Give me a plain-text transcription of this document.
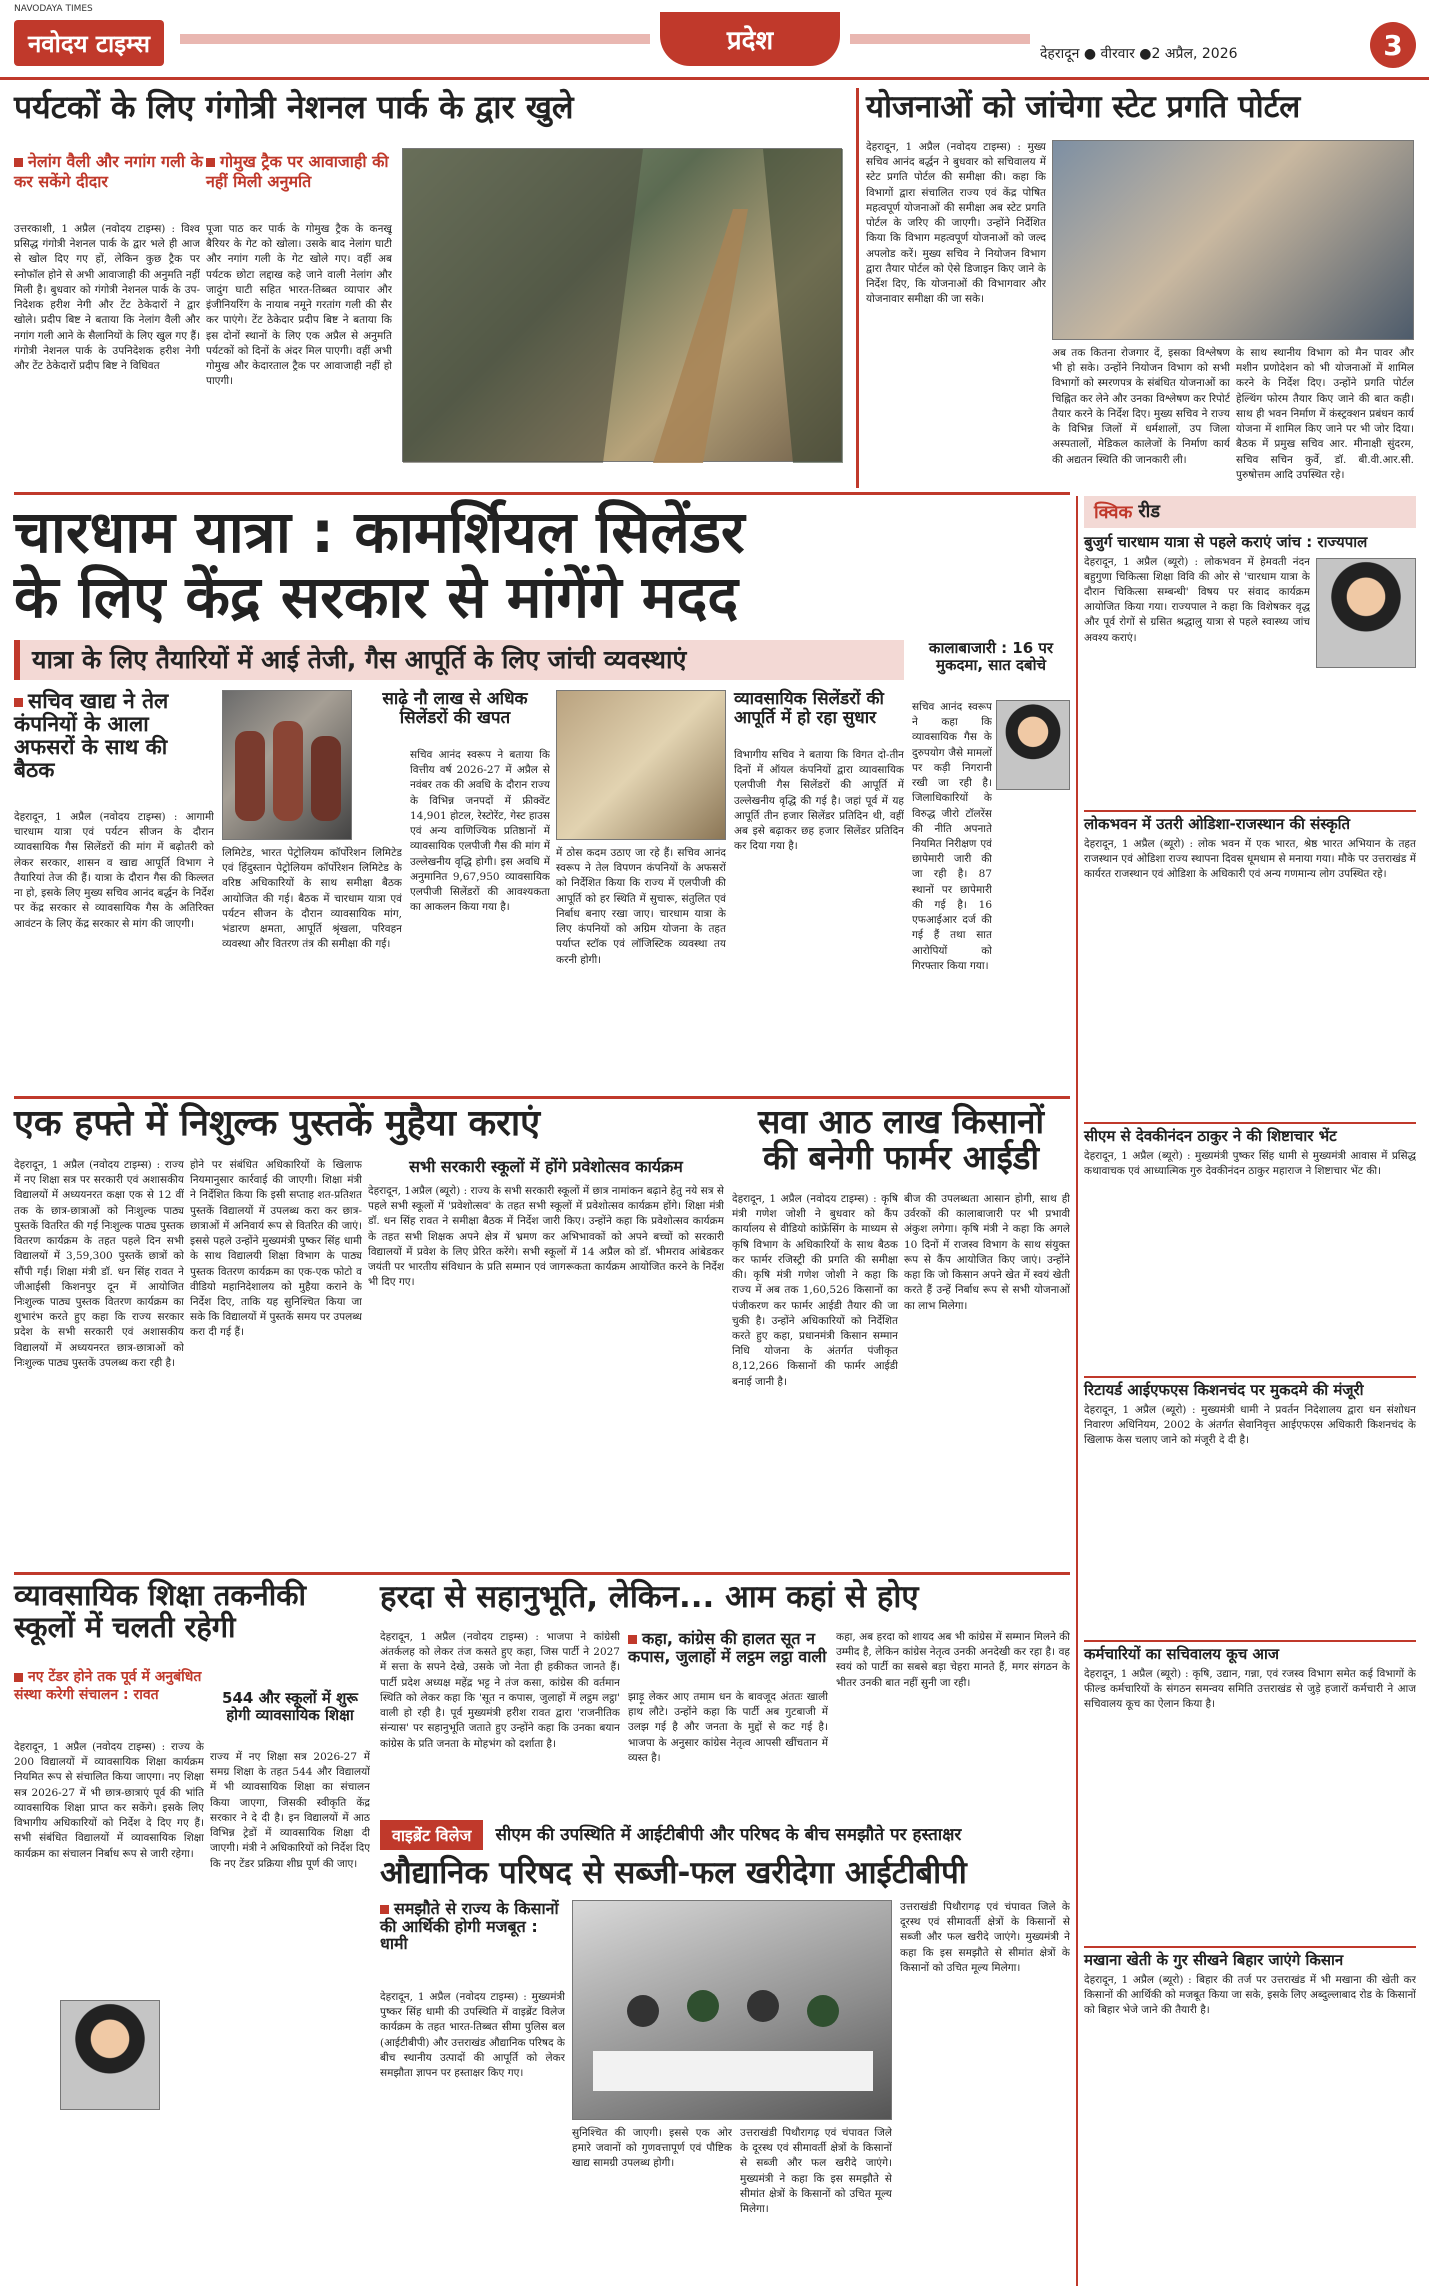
NAVODAYA TIMES
नवोदय टाइम्स	प्रदेश	देहरादून ● वीरवार ●2 अप्रैल, 2026	3
पर्यटकों के लिए गंगोत्री नेशनल पार्क के द्वार खुले
नेलांग वैली और नगांग गली के कर सकेंगे दीदार
गोमुख ट्रैक पर आवाजाही की नहीं मिली अनुमति
उत्तरकाशी, 1 अप्रैल (नवोदय टाइम्स) : विश्व प्रसिद्ध गंगोत्री नेशनल पार्क के द्वार भले ही आज से खोल दिए गए हों, लेकिन कुछ ट्रैक पर स्नोफॉल होने से अभी आवाजाही की अनुमति नहीं मिली है। बुधवार को गंगोत्री नेशनल पार्क के उप-निदेशक हरीश नेगी और टेंट ठेकेदारों ने द्वार खोले। प्रदीप बिष्ट ने बताया कि नेलांग वैली और नगांग गली आने के सैलानियों के लिए खुल गए हैं। गंगोत्री नेशनल पार्क के उपनिदेशक हरीश नेगी और टेंट ठेकेदारों प्रदीप बिष्ट ने विधिवत
पूजा पाठ कर पार्क के गोमुख ट्रैक के कनखू बैरियर के गेट को खोला। उसके बाद नेलांग घाटी और नगांग गली के गेट खोले गए। वहीं अब पर्यटक छोटा लद्दाख कहे जाने वाली नेलांग और जादुंग घाटी सहित भारत-तिब्बत व्यापार और इंजीनियरिंग के नायाब नमूने गरतांग गली की सैर कर पाएंगे। टेंट ठेकेदार प्रदीप बिष्ट ने बताया कि इस दोनों स्थानों के लिए एक अप्रैल से अनुमति पर्यटकों को दिनों के अंदर मिल पाएगी। वहीं अभी गोमुख और केदारताल ट्रैक पर आवाजाही नहीं हो पाएगी।
योजनाओं को जांचेगा स्टेट प्रगति पोर्टल
देहरादून, 1 अप्रैल (नवोदय टाइम्स) : मुख्य सचिव आनंद बर्द्धन ने बुधवार को सचिवालय में स्टेट प्रगति पोर्टल की समीक्षा की। कहा कि विभागों द्वारा संचालित राज्य एवं केंद्र पोषित महत्वपूर्ण योजनाओं की समीक्षा अब स्टेट प्रगति पोर्टल के जरिए की जाएगी। उन्होंने निर्देशित किया कि विभाग महत्वपूर्ण योजनाओं को जल्द अपलोड करें। मुख्य सचिव ने नियोजन विभाग द्वारा तैयार पोर्टल को ऐसे डिजाइन किए जाने के निर्देश दिए, कि योजनाओं की विभागवार और योजनावार समीक्षा की जा सके।
अब तक कितना रोजगार दें, इसका विश्लेषण भी हो सके। उन्होंने नियोजन विभाग को सभी विभागों को स्मरणपत्र के संबंधित योजनाओं का चिह्नित कर लेने और उनका विश्लेषण कर रिपोर्ट तैयार करने के निर्देश दिए। मुख्य सचिव ने राज्य के विभिन्न जिलों में धर्मशालों, उप जिला अस्पतालों, मेडिकल कालेजों के निर्माण कार्य की अद्यतन स्थिति की जानकारी ली।
के साथ स्थानीय विभाग को मैन पावर और मशीन प्रणोदेशन को भी योजनाओं में शामिल करने के निर्देश दिए। उन्होंने प्रगति पोर्टल हेल्थिंग फोरम तैयार किए जाने की बात कही। साथ ही भवन निर्माण में कंस्ट्रक्शन प्रबंधन कार्य योजना में शामिल किए जाने पर भी जोर दिया। बैठक में प्रमुख सचिव आर. मीनाक्षी सुंदरम, सचिव सचिन कुर्वे, डॉ. बी.वी.आर.सी. पुरुषोत्तम आदि उपस्थित रहे।
चारधाम यात्रा : कामर्शियल सिलेंडर
के लिए केंद्र सरकार से मांगेंगे मदद
यात्रा के लिए तैयारियों में आई तेजी, गैस आपूर्ति के लिए जांची व्यवस्थाएं	कालाबाजारी : 16 पर मुकदमा, सात दबोचे
सचिव खाद्य ने तेल कंपनियों के आला अफसरों के साथ की बैठक
देहरादून, 1 अप्रैल (नवोदय टाइम्स) : आगामी चारधाम यात्रा एवं पर्यटन सीजन के दौरान व्यावसायिक गैस सिलेंडरों की मांग में बढ़ोतरी को लेकर सरकार, शासन व खाद्य आपूर्ति विभाग ने तैयारियां तेज की हैं। यात्रा के दौरान गैस की किल्लत ना हो, इसके लिए मुख्य सचिव आनंद बर्द्धन के निर्देश पर केंद्र सरकार से व्यावसायिक गैस के अतिरिक्त आवंटन के लिए केंद्र सरकार से मांग की जाएगी।
लिमिटेड, भारत पेट्रोलियम कॉर्पोरेशन लिमिटेड एवं हिंदुस्तान पेट्रोलियम कॉर्पोरेशन लिमिटेड के वरिष्ठ अधिकारियों के साथ समीक्षा बैठक आयोजित की गई। बैठक में चारधाम यात्रा एवं पर्यटन सीजन के दौरान व्यावसायिक मांग, भंडारण क्षमता, आपूर्ति श्रृंखला, परिवहन व्यवस्था और वितरण तंत्र की समीक्षा की गई।
साढ़े नौ लाख से अधिक सिलेंडरों की खपत
सचिव आनंद स्वरूप ने बताया कि वित्तीय वर्ष 2026-27 में अप्रैल से नवंबर तक की अवधि के दौरान राज्य के विभिन्न जनपदों में फ्रीक्वेंट 14,901 होटल, रेस्टोरेंट, गेस्ट हाउस एवं अन्य वाणिज्यिक प्रतिष्ठानों में व्यावसायिक एलपीजी गैस की मांग में उल्लेखनीय वृद्धि होगी। इस अवधि में अनुमानित 9,67,950 व्यावसायिक एलपीजी सिलेंडरों की आवश्यकता का आकलन किया गया है।
में ठोस कदम उठाए जा रहे हैं। सचिव आनंद स्वरूप ने तेल विपणन कंपनियों के अफसरों को निर्देशित किया कि राज्य में एलपीजी की आपूर्ति को हर स्थिति में सुचारू, संतुलित एवं निर्बाध बनाए रखा जाए। चारधाम यात्रा के लिए कंपनियों को अग्रिम योजना के तहत पर्याप्त स्टॉक एवं लॉजिस्टिक व्यवस्था तय करनी होगी।
व्यावसायिक सिलेंडरों की आपूर्ति में हो रहा सुधार
विभागीय सचिव ने बताया कि विगत दो-तीन दिनों में ऑयल कंपनियों द्वारा व्यावसायिक एलपीजी गैस सिलेंडरों की आपूर्ति में उल्लेखनीय वृद्धि की गई है। जहां पूर्व में यह आपूर्ति तीन हजार सिलेंडर प्रतिदिन थी, वहीं अब इसे बढ़ाकर छह हजार सिलेंडर प्रतिदिन कर दिया गया है।
सचिव आनंद स्वरूप ने कहा कि व्यावसायिक गैस के दुरुपयोग जैसे मामलों पर कड़ी निगरानी रखी जा रही है। जिलाधिकारियों के विरुद्ध जीरो टॉलरेंस की नीति अपनाते नियमित निरीक्षण एवं छापेमारी जारी की जा रही है। 87 स्थानों पर छापेमारी की गई है। 16 एफआईआर दर्ज की गई हैं तथा सात आरोपियों को गिरफ्तार किया गया।
एक हफ्ते में निशुल्क पुस्तकें मुहैया कराएं
सभी सरकारी स्कूलों में होंगे प्रवेशोत्सव कार्यक्रम
देहरादून, 1 अप्रैल (नवोदय टाइम्स) : राज्य में नए शिक्षा सत्र पर सरकारी एवं अशासकीय विद्यालयों में अध्ययनरत कक्षा एक से 12 वीं तक के छात्र-छात्राओं को निःशुल्क पाठ्य पुस्तकें वितरित की गई निःशुल्क पाठ्य पुस्तक वितरण कार्यक्रम के तहत पहले दिन सभी विद्यालयों में 3,59,300 पुस्तकें छात्रों को सौंपी गईं। शिक्षा मंत्री डॉ. धन सिंह रावत ने जीआईसी किशनपुर दून में आयोजित निःशुल्क पाठ्य पुस्तक वितरण कार्यक्रम का शुभारंभ करते हुए कहा कि राज्य सरकार प्रदेश के सभी सरकारी एवं अशासकीय विद्यालयों में अध्ययनरत छात्र-छात्राओं को निःशुल्क पाठ्य पुस्तकें उपलब्ध करा रही है।
होने पर संबंधित अधिकारियों के खिलाफ नियमानुसार कार्रवाई की जाएगी। शिक्षा मंत्री ने निर्देशित किया कि इसी सप्ताह शत-प्रतिशत पुस्तकें विद्यालयों में उपलब्ध करा कर छात्र-छात्राओं में अनिवार्य रूप से वितरित की जाएं। इससे पहले उन्होंने मुख्यमंत्री पुष्कर सिंह धामी के साथ विद्यालयी शिक्षा विभाग के पाठ्य पुस्तक वितरण कार्यक्रम का एक-एक फोटो व वीडियो महानिदेशालय को मुहैया कराने के निर्देश दिए, ताकि यह सुनिश्चित किया जा सके कि विद्यालयों में पुस्तकें समय पर उपलब्ध करा दी गई हैं।
देहरादून, 1अप्रैल (ब्यूरो) : राज्य के सभी सरकारी स्कूलों में छात्र नामांकन बढ़ाने हेतु नये सत्र से पहले सभी स्कूलों में 'प्रवेशोत्सव' के तहत सभी स्कूलों में प्रवेशोत्सव कार्यक्रम होंगे। शिक्षा मंत्री डॉ. धन सिंह रावत ने समीक्षा बैठक में निर्देश जारी किए। उन्होंने कहा कि प्रवेशोत्सव कार्यक्रम के तहत सभी शिक्षक अपने क्षेत्र में भ्रमण कर अभिभावकों को अपने बच्चों को सरकारी विद्यालयों में प्रवेश के लिए प्रेरित करेंगे। सभी स्कूलों में 14 अप्रैल को डॉ. भीमराव आंबेडकर जयंती पर भारतीय संविधान के प्रति सम्मान एवं जागरूकता कार्यक्रम आयोजित करने के निर्देश भी दिए गए।
सवा आठ लाख किसानों
की बनेगी फार्मर आईडी
देहरादून, 1 अप्रैल (नवोदय टाइम्स) : कृषि मंत्री गणेश जोशी ने बुधवार को कैंप कार्यालय से वीडियो कांफ्रेंसिंग के माध्यम से कृषि विभाग के अधिकारियों के साथ बैठक कर फार्मर रजिस्ट्री की प्रगति की समीक्षा की। कृषि मंत्री गणेश जोशी ने कहा कि राज्य में अब तक 1,60,526 किसानों का पंजीकरण कर फार्मर आईडी तैयार की जा चुकी है। उन्होंने अधिकारियों को निर्देशित करते हुए कहा, प्रधानमंत्री किसान सम्मान निधि योजना के अंतर्गत पंजीकृत 8,12,266 किसानों की फार्मर आईडी बनाई जानी है।
बीज की उपलब्धता आसान होगी, साथ ही उर्वरकों की कालाबाजारी पर भी प्रभावी अंकुश लगेगा। कृषि मंत्री ने कहा कि अगले 10 दिनों में राजस्व विभाग के साथ संयुक्त रूप से कैंप आयोजित किए जाएं। उन्होंने कहा कि जो किसान अपने खेत में स्वयं खेती करते हैं उन्हें निर्बाध रूप से सभी योजनाओं का लाभ मिलेगा।
व्यावसायिक शिक्षा तकनीकी
स्कूलों में चलती रहेगी
नए टेंडर होने तक पूर्व में अनुबंधित संस्था करेगी संचालन : रावत	544 और स्कूलों में शुरू होगी व्यावसायिक शिक्षा
देहरादून, 1 अप्रैल (नवोदय टाइम्स) : राज्य के 200 विद्यालयों में व्यावसायिक शिक्षा कार्यक्रम नियमित रूप से संचालित किया जाएगा। नए शिक्षा सत्र 2026-27 में भी छात्र-छात्राएं पूर्व की भांति व्यावसायिक शिक्षा प्राप्त कर सकेंगे। इसके लिए विभागीय अधिकारियों को निर्देश दे दिए गए हैं। सभी संबंधित विद्यालयों में व्यावसायिक शिक्षा कार्यक्रम का संचालन निर्बाध रूप से जारी रहेगा।
राज्य में नए शिक्षा सत्र 2026-27 में समग्र शिक्षा के तहत 544 और विद्यालयों में भी व्यावसायिक शिक्षा का संचालन किया जाएगा, जिसकी स्वीकृति केंद्र सरकार ने दे दी है। इन विद्यालयों में आठ विभिन्न ट्रेडों में व्यावसायिक शिक्षा दी जाएगी। मंत्री ने अधिकारियों को निर्देश दिए कि नए टेंडर प्रक्रिया शीघ्र पूर्ण की जाए।
हरदा से सहानुभूति, लेकिन... आम कहां से होए
देहरादून, 1 अप्रैल (नवोदय टाइम्स) : भाजपा ने कांग्रेसी अंतर्कलह को लेकर तंज कसते हुए कहा, जिस पार्टी ने 2027 में सत्ता के सपने देखे, उसके जो नेता ही हकीकत जानते हैं। पार्टी प्रदेश अध्यक्ष महेंद्र भट्ट ने तंज कसा, कांग्रेस की वर्तमान स्थिति को लेकर कहा कि 'सूत न कपास, जुलाहों में लट्ठम लट्ठा' वाली हो रही है। पूर्व मुख्यमंत्री हरीश रावत द्वारा 'राजनीतिक संन्यास' पर सहानुभूति जताते हुए उन्होंने कहा कि उनका बयान कांग्रेस के प्रति जनता के मोहभंग को दर्शाता है।
कहा, कांग्रेस की हालत सूत न कपास, जुलाहों में लट्ठम लट्ठा वाली
झाड़ू लेकर आए तमाम धन के बावजूद अंततः खाली हाथ लौटे। उन्होंने कहा कि पार्टी अब गुटबाजी में उलझ गई है और जनता के मुद्दों से कट गई है। भाजपा के अनुसार कांग्रेस नेतृत्व आपसी खींचतान में व्यस्त है।
कहा, अब हरदा को शायद अब भी कांग्रेस में सम्मान मिलने की उम्मीद है, लेकिन कांग्रेस नेतृत्व उनकी अनदेखी कर रहा है। वह स्वयं को पार्टी का सबसे बड़ा चेहरा मानते हैं, मगर संगठन के भीतर उनकी बात नहीं सुनी जा रही।
वाइब्रेंट विलेज	सीएम की उपस्थिति में आईटीबीपी और परिषद के बीच समझौते पर हस्ताक्षर
औद्यानिक परिषद से सब्जी-फल खरीदेगा आईटीबीपी
समझौते से राज्य के किसानों की आर्थिकी होगी मजबूत : धामी
देहरादून, 1 अप्रैल (नवोदय टाइम्स) : मुख्यमंत्री पुष्कर सिंह धामी की उपस्थिति में वाइब्रेंट विलेज कार्यक्रम के तहत भारत-तिब्बत सीमा पुलिस बल (आईटीबीपी) और उत्तराखंड औद्यानिक परिषद के बीच स्थानीय उत्पादों की आपूर्ति को लेकर समझौता ज्ञापन पर हस्ताक्षर किए गए।
सुनिश्चित की जाएगी। इससे एक ओर हमारे जवानों को गुणवत्तापूर्ण एवं पौष्टिक खाद्य सामग्री उपलब्ध होगी।
उत्तराखंडी पिथौरागढ़ एवं चंपावत जिले के दूरस्थ एवं सीमावर्ती क्षेत्रों के किसानों से सब्जी और फल खरीदे जाएंगे। मुख्यमंत्री ने कहा कि इस समझौते से सीमांत क्षेत्रों के किसानों को उचित मूल्य मिलेगा।
उत्तराखंडी पिथौरागढ़ एवं चंपावत जिले के दूरस्थ एवं सीमावर्ती क्षेत्रों के किसानों से सब्जी और फल खरीदे जाएंगे। मुख्यमंत्री ने कहा कि इस समझौते से सीमांत क्षेत्रों के किसानों को उचित मूल्य मिलेगा।
क्विक रीड
बुजुर्ग चारधाम यात्रा से पहले कराएं जांच : राज्यपाल
देहरादून, 1 अप्रैल (ब्यूरो) : लोकभवन में हेमवती नंदन बहुगुणा चिकित्सा शिक्षा विवि की ओर से 'चारधाम यात्रा के दौरान चिकित्सा सम्बन्धी' विषय पर संवाद कार्यक्रम आयोजित किया गया। राज्यपाल ने कहा कि विशेषकर वृद्ध और पूर्व रोगों से ग्रसित श्रद्धालु यात्रा से पहले स्वास्थ्य जांच अवश्य कराएं।
लोकभवन में उतरी ओडिशा-राजस्थान की संस्कृति
देहरादून, 1 अप्रैल (ब्यूरो) : लोक भवन में एक भारत, श्रेष्ठ भारत अभियान के तहत राजस्थान एवं ओडिशा राज्य स्थापना दिवस धूमधाम से मनाया गया। मौके पर उत्तराखंड में कार्यरत राजस्थान एवं ओडिशा के अधिकारी एवं अन्य गणमान्य लोग उपस्थित रहे।
सीएम से देवकीनंदन ठाकुर ने की शिष्टाचार भेंट
देहरादून, 1 अप्रैल (ब्यूरो) : मुख्यमंत्री पुष्कर सिंह धामी से मुख्यमंत्री आवास में प्रसिद्ध कथावाचक एवं आध्यात्मिक गुरु देवकीनंदन ठाकुर महाराज ने शिष्टाचार भेंट की।
रिटायर्ड आईएफएस किशनचंद पर मुकदमे की मंजूरी
देहरादून, 1 अप्रैल (ब्यूरो) : मुख्यमंत्री धामी ने प्रवर्तन निदेशालय द्वारा धन संशोधन निवारण अधिनियम, 2002 के अंतर्गत सेवानिवृत्त आईएफएस अधिकारी किशनचंद के खिलाफ केस चलाए जाने को मंजूरी दे दी है।
कर्मचारियों का सचिवालय कूच आज
देहरादून, 1 अप्रैल (ब्यूरो) : कृषि, उद्यान, गन्ना, एवं रजस्व विभाग समेत कई विभागों के फील्ड कर्मचारियों के संगठन समन्वय समिति उत्तराखंड से जुड़े हजारों कर्मचारी ने आज सचिवालय कूच का ऐलान किया है।
मखाना खेती के गुर सीखने बिहार जाएंगे किसान
देहरादून, 1 अप्रैल (ब्यूरो) : बिहार की तर्ज पर उत्तराखंड में भी मखाना की खेती कर किसानों की आर्थिकी को मजबूत किया जा सके, इसके लिए अब्दुल्लाबाद रोड के किसानों को बिहार भेजे जाने की तैयारी है।
